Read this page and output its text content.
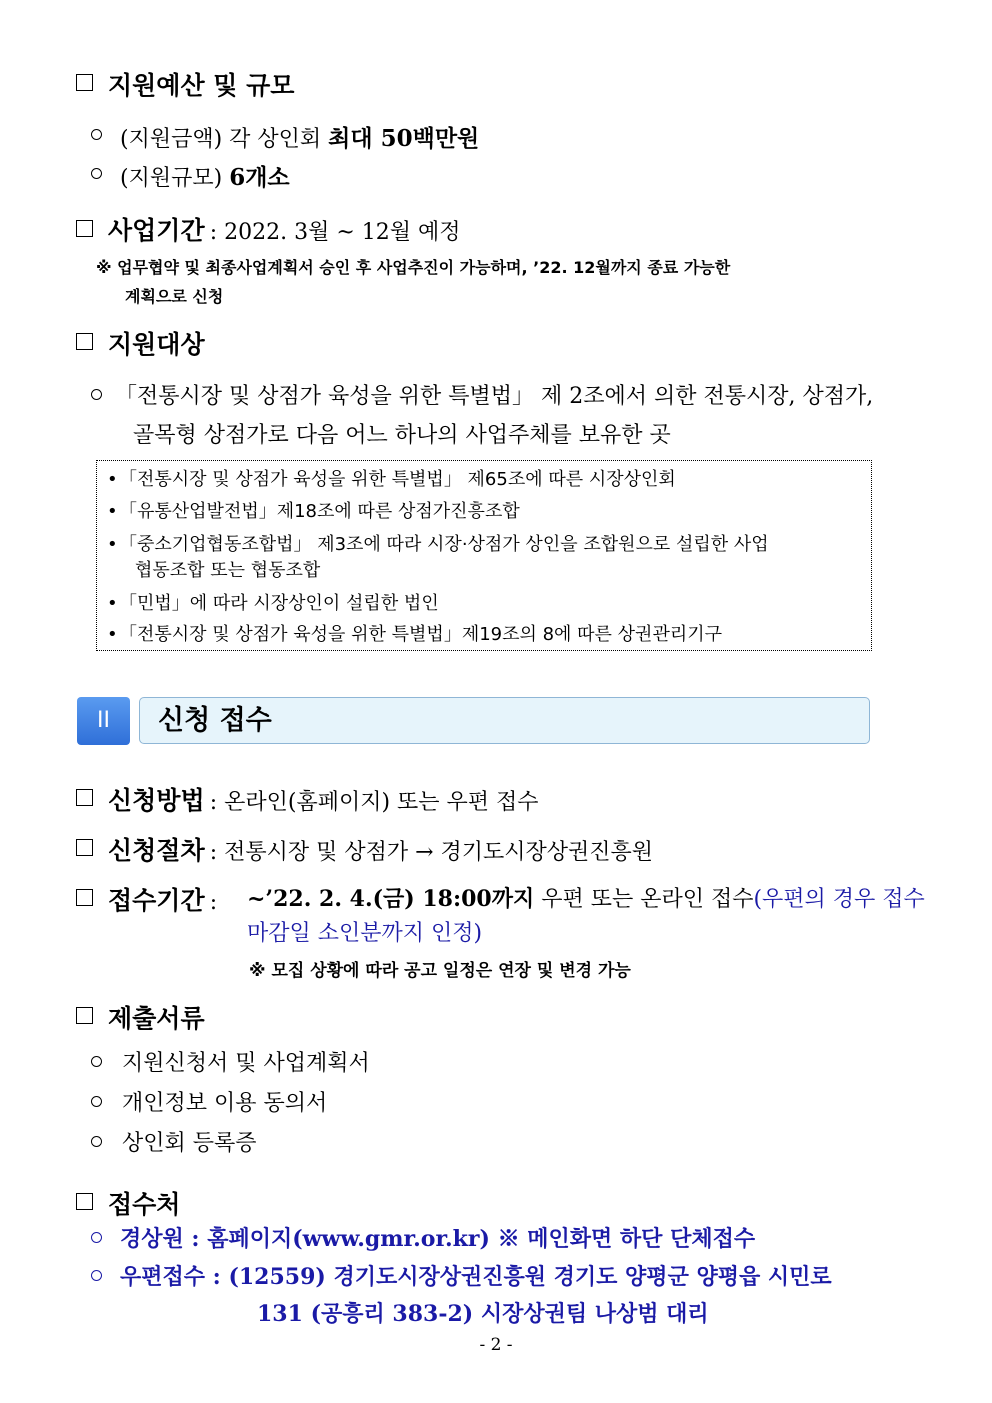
지원예산 및 규모
(지원금액) 각 상인회 최대 50백만원
(지원규모) 6개소
사업기간 : 2022. 3월 ~ 12월 예정
※ 업무협약 및 최종사업계획서 승인 후 사업추진이 가능하며, ’22. 12월까지 종료 가능한
계획으로 신청
지원대상
「전통시장 및 상점가 육성을 위한 특별법」 제 2조에서 의한 전통시장, 상점가,
골목형 상점가로 다음 어느 하나의 사업주체를 보유한 곳
•「전통시장 및 상점가 육성을 위한 특별법」 제65조에 따른 시장상인회
•「유통산업발전법」제18조에 따른 상점가진흥조합
•「중소기업협동조합법」 제3조에 따라 시장·상점가 상인을 조합원으로 설립한 사업
협동조합 또는 협동조합
•「민법」에 따라 시장상인이 설립한 법인
•「전통시장 및 상점가 육성을 위한 특별법」제19조의 8에 따른 상권관리기구
II	신청 접수
신청방법 : 온라인(홈페이지) 또는 우편 접수
신청절차 : 전통시장 및 상점가 → 경기도시장상권진흥원
접수기간 : ~’22. 2. 4.(금) 18:00까지 우편 또는 온라인 접수(우편의 경우 접수
마감일 소인분까지 인정)
※ 모집 상황에 따라 공고 일정은 연장 및 변경 가능
제출서류
지원신청서 및 사업계획서
개인정보 이용 동의서
상인회 등록증
접수처
경상원 : 홈페이지(www.gmr.or.kr) ※ 메인화면 하단 단체접수
우편접수 : (12559) 경기도시장상권진흥원 경기도 양평군 양평읍 시민로
131 (공흥리 383-2) 시장상권팀 나상범 대리
- 2 -
